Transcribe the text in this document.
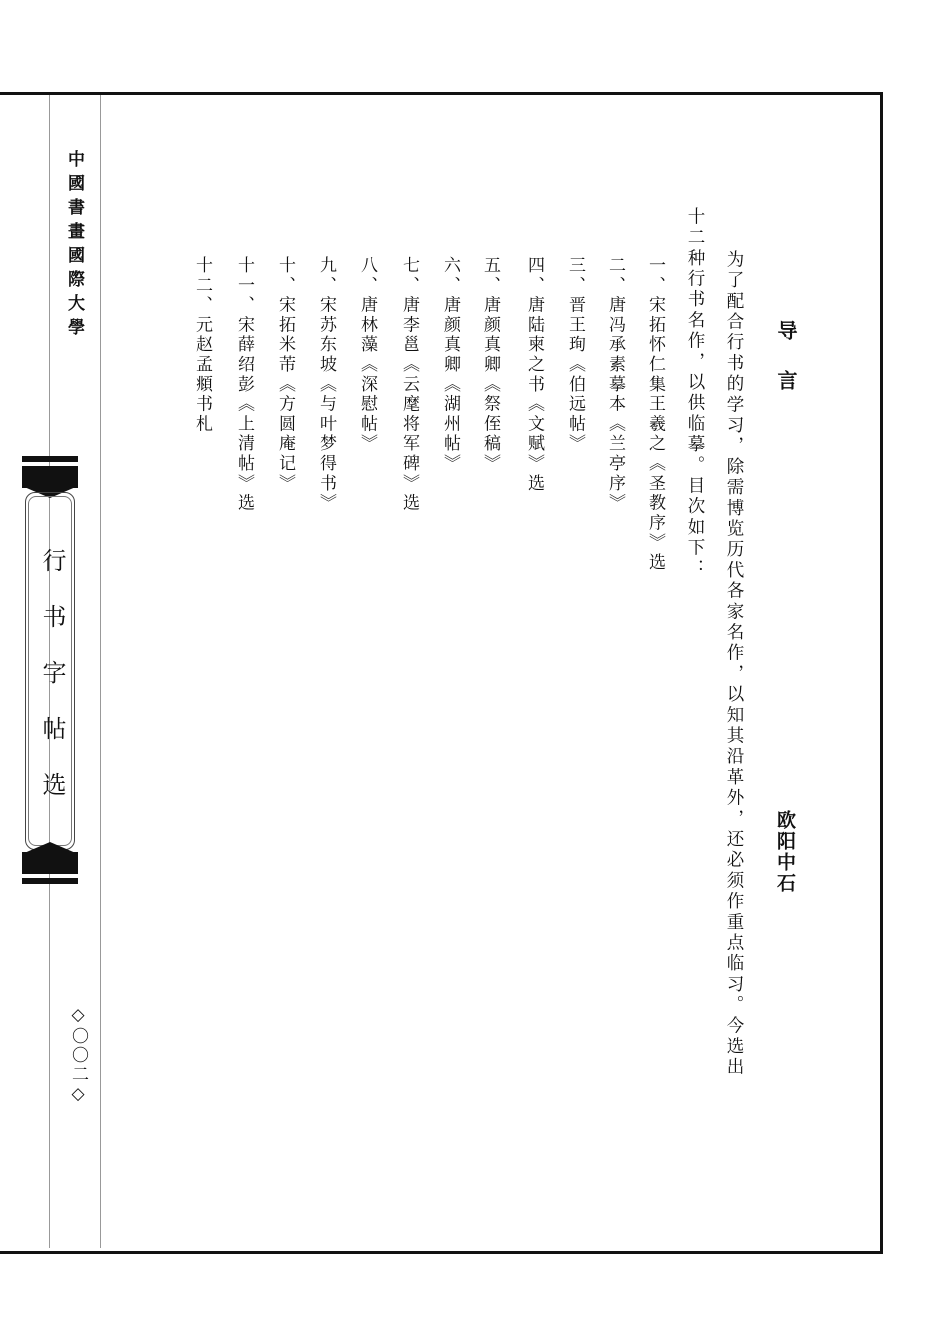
中國書畫國際大學
行书字帖选
◇〇〇二◇
导言
欧阳中石
为了配合行书的学习，除需博览历代各家名作，以知其沿革外，还必须作重点临习。今选出
十二种行书名作，以供临摹。目次如下：
一、宋拓怀仁集王羲之《圣教序》选
二、唐冯承素摹本《兰亭序》
三、晋王珣《伯远帖》
四、唐陆柬之书《文赋》选
五、唐颜真卿《祭侄稿》
六、唐颜真卿《湖州帖》
七、唐李邕《云麾将军碑》选
八、唐林藻《深慰帖》
九、宋苏东坡《与叶梦得书》
十、宋拓米芾《方圆庵记》
十一、宋薛绍彭《上清帖》选
十二、元赵孟頫书札
